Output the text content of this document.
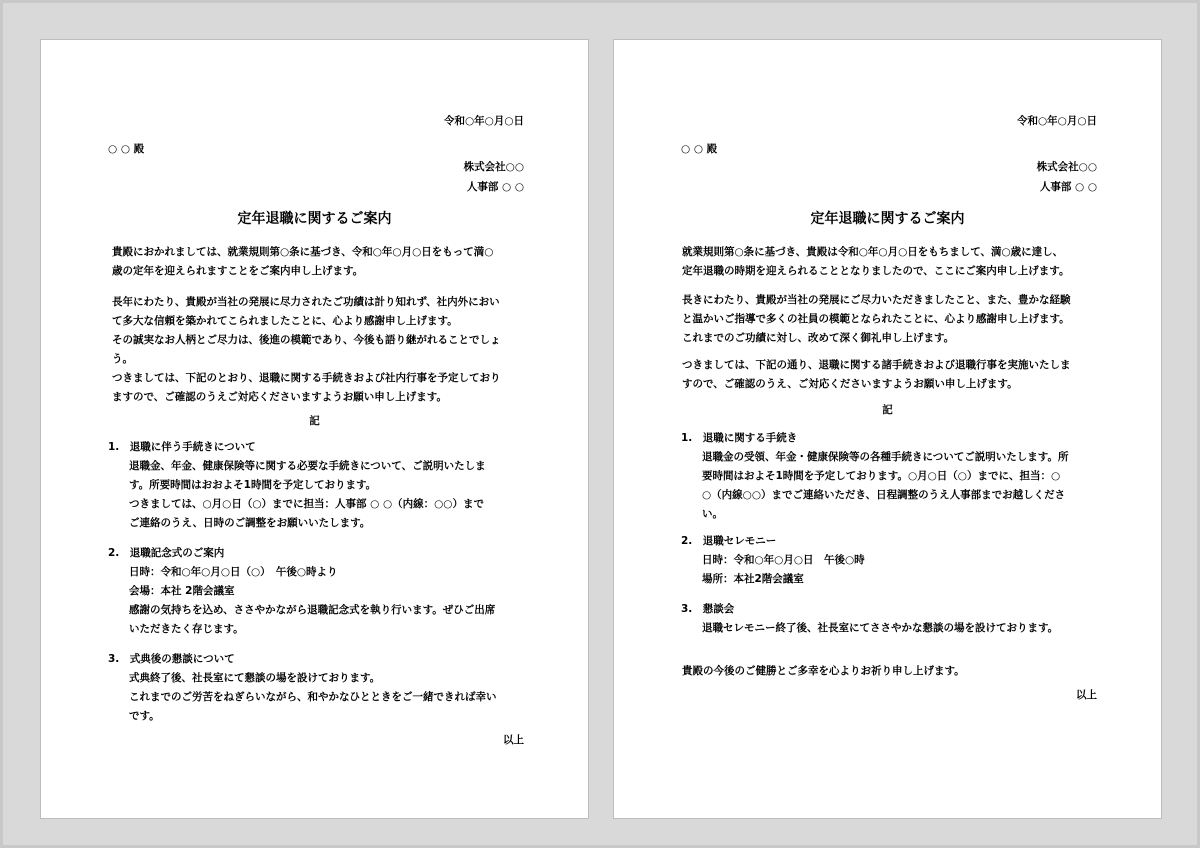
令和○年○月○日
○ ○ 殿
株式会社○○
人事部 ○ ○
定年退職に関するご案内
貴殿におかれましては、就業規則第○条に基づき、令和○年○月○日をもって満○
歳の定年を迎えられますことをご案内申し上げます。
長年にわたり、貴殿が当社の発展に尽力されたご功績は計り知れず、社内外におい
て多大な信頼を築かれてこられましたことに、心より感謝申し上げます。
その誠実なお人柄とご尽力は、後進の模範であり、今後も語り継がれることでしょ
う。
つきましては、下記のとおり、退職に関する手続きおよび社内行事を予定しており
ますので、ご確認のうえご対応くださいますようお願い申し上げます。
記
1.　退職に伴う手続きについて
　　退職金、年金、健康保険等に関する必要な手続きについて、ご説明いたしま
　　す。所要時間はおおよそ1時間を予定しております。
　　つきましては、○月○日（○）までに担当：人事部 ○ ○（内線：○○）まで
　　ご連絡のうえ、日時のご調整をお願いいたします。
2.　退職記念式のご案内
　　日時：令和○年○月○日（○）　午後○時より
　　会場：本社 2階会議室
　　感謝の気持ちを込め、ささやかながら退職記念式を執り行います。ぜひご出席
　　いただきたく存じます。
3.　式典後の懇談について
　　式典終了後、社長室にて懇談の場を設けております。
　　これまでのご労苦をねぎらいながら、和やかなひとときをご一緒できれば幸い
　　です。
以上
令和○年○月○日
○ ○ 殿
株式会社○○
人事部 ○ ○
定年退職に関するご案内
就業規則第○条に基づき、貴殿は令和○年○月○日をもちまして、満○歳に達し、
定年退職の時期を迎えられることとなりましたので、ここにご案内申し上げます。
長きにわたり、貴殿が当社の発展にご尽力いただきましたこと、また、豊かな経験
と温かいご指導で多くの社員の模範となられたことに、心より感謝申し上げます。
これまでのご功績に対し、改めて深く御礼申し上げます。
つきましては、下記の通り、退職に関する諸手続きおよび退職行事を実施いたしま
すので、ご確認のうえ、ご対応くださいますようお願い申し上げます。
記
1.　退職に関する手続き
　　退職金の受領、年金・健康保険等の各種手続きについてご説明いたします。所
　　要時間はおよそ1時間を予定しております。○月○日（○）までに、担当：○
　　○（内線○○）までご連絡いただき、日程調整のうえ人事部までお越しくださ
　　い。
2.　退職セレモニー
　　日時：令和○年○月○日　午後○時
　　場所：本社2階会議室
3.　懇談会
　　退職セレモニー終了後、社長室にてささやかな懇談の場を設けております。
貴殿の今後のご健勝とご多幸を心よりお祈り申し上げます。
以上
